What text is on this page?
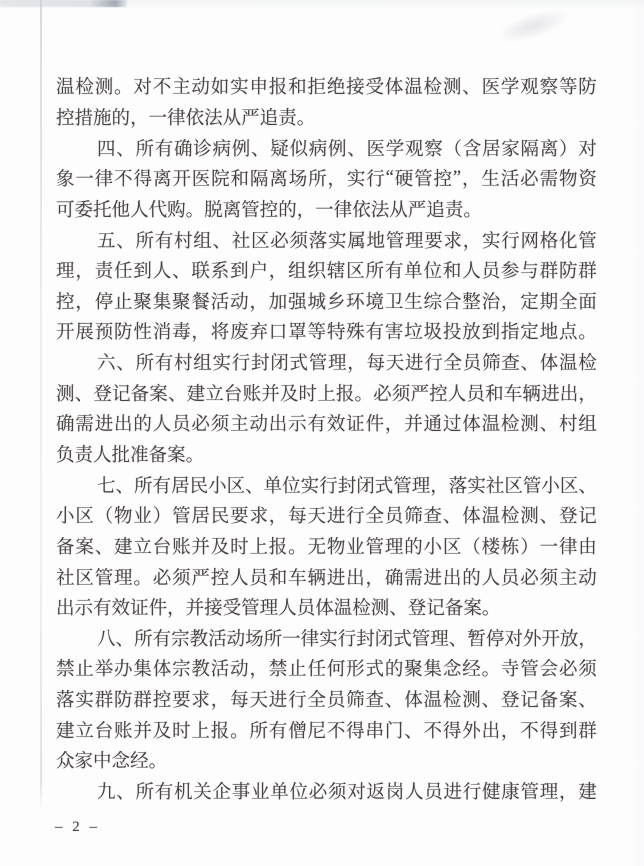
温 检 测 。 对 不 主 动 如 实 申 报 和 拒 绝 接 受 体 温 检 测 、 医 学 观 察 等 防
控 措 施 的 ， 一 律 依 法 从 严 追 责 。
四 、 所 有 确 诊 病 例 、 疑 似 病 例 、 医 学 观 察 （ 含 居 家 隔 离 ） 对
象 一 律 不 得 离 开 医 院 和 隔 离 场 所 ， 实 行 “ 硬 管 控 ” ， 生 活 必 需 物 资
可 委 托 他 人 代 购 。 脱 离 管 控 的 ， 一 律 依 法 从 严 追 责 。
五 、 所 有 村 组 、 社 区 必 须 落 实 属 地 管 理 要 求 ， 实 行 网 格 化 管
理 ， 责 任 到 人 、 联 系 到 户 ， 组 织 辖 区 所 有 单 位 和 人 员 参 与 群 防 群
控 ， 停 止 聚 集 聚 餐 活 动 ， 加 强 城 乡 环 境 卫 生 综 合 整 治 ， 定 期 全 面
开 展 预 防 性 消 毒 ， 将 废 弃 口 罩 等 特 殊 有 害 垃 圾 投 放 到 指 定 地 点 。
六 、 所 有 村 组 实 行 封 闭 式 管 理 ， 每 天 进 行 全 员 筛 查 、 体 温 检
测 、 登 记 备 案 、 建 立 台 账 并 及 时 上 报 。 必 须 严 控 人 员 和 车 辆 进 出 ，
确 需 进 出 的 人 员 必 须 主 动 出 示 有 效 证 件 ， 并 通 过 体 温 检 测 、 村 组
负 责 人 批 准 备 案 。
七 、 所 有 居 民 小 区 、 单 位 实 行 封 闭 式 管 理 ， 落 实 社 区 管 小 区 、
小 区 （ 物 业 ） 管 居 民 要 求 ， 每 天 进 行 全 员 筛 查 、 体 温 检 测 、 登 记
备 案 、 建 立 台 账 并 及 时 上 报 。 无 物 业 管 理 的 小 区 （ 楼 栋 ） 一 律 由
社 区 管 理 。 必 须 严 控 人 员 和 车 辆 进 出 ， 确 需 进 出 的 人 员 必 须 主 动
出 示 有 效 证 件 ， 并 接 受 管 理 人 员 体 温 检 测 、 登 记 备 案 。
八 、 所 有 宗 教 活 动 场 所 一 律 实 行 封 闭 式 管 理 、 暂 停 对 外 开 放 ，
禁 止 举 办 集 体 宗 教 活 动 ， 禁 止 任 何 形 式 的 聚 集 念 经 。 寺 管 会 必 须
落 实 群 防 群 控 要 求 ， 每 天 进 行 全 员 筛 查 、 体 温 检 测 、 登 记 备 案 、
建 立 台 账 并 及 时 上 报 。 所 有 僧 尼 不 得 串 门 、 不 得 外 出 ， 不 得 到 群
众 家 中 念 经 。
九 、 所 有 机 关 企 事 业 单 位 必 须 对 返 岗 人 员 进 行 健 康 管 理 ， 建
– 2 –
